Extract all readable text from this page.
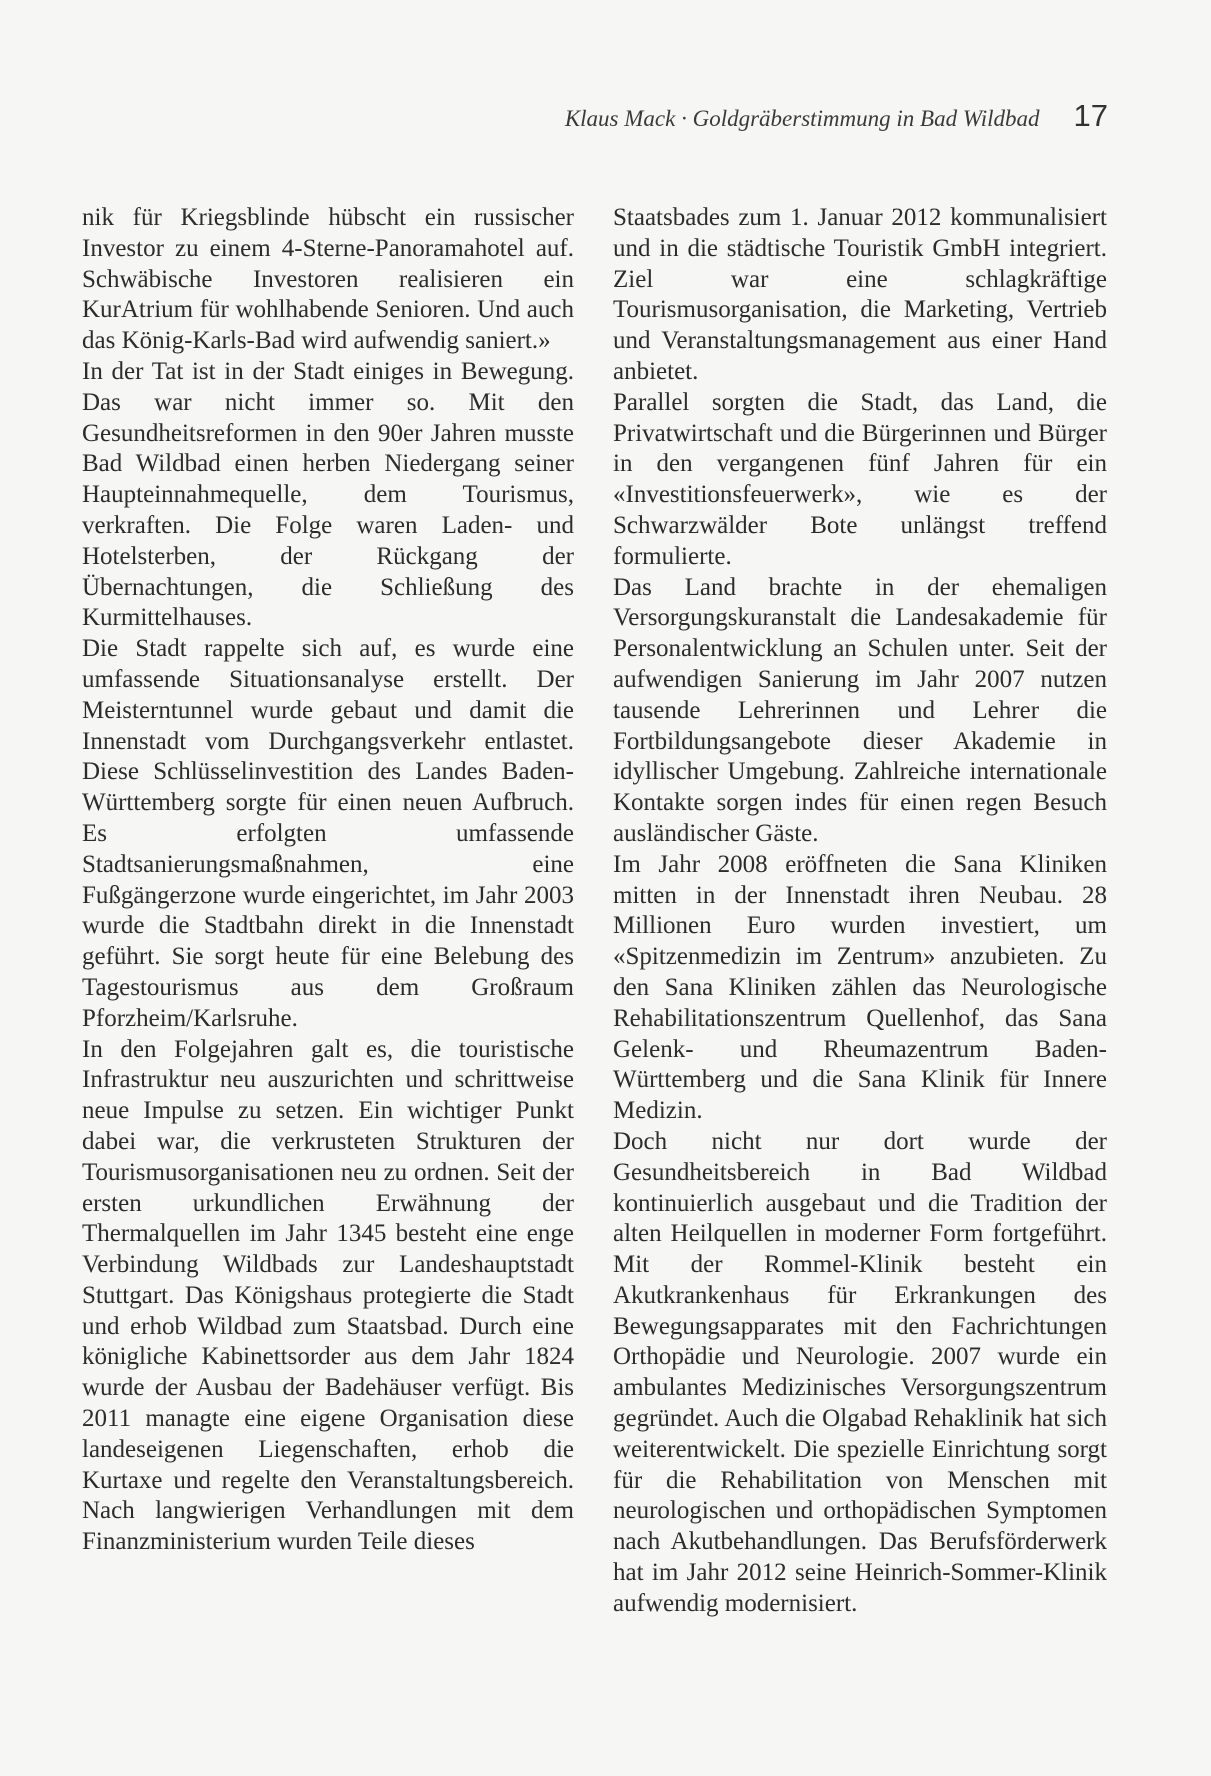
Klaus Mack · Goldgräberstimmung in Bad Wildbad 17

nik für Kriegsblinde hübscht ein russischer Investor zu einem 4-Sterne-Panoramahotel auf. Schwäbische Investoren realisieren ein KurAtrium für wohlhabende Senioren. Und auch das König-Karls-Bad wird aufwendig saniert.»

In der Tat ist in der Stadt einiges in Bewegung. Das war nicht immer so. Mit den Gesundheitsreformen in den 90er Jahren musste Bad Wildbad einen herben Niedergang seiner Haupteinnahmequelle, dem Tourismus, verkraften. Die Folge waren Laden- und Hotelsterben, der Rückgang der Übernachtungen, die Schließung des Kurmittelhauses.

Die Stadt rappelte sich auf, es wurde eine umfassende Situationsanalyse erstellt. Der Meisterntunnel wurde gebaut und damit die Innenstadt vom Durchgangsverkehr entlastet. Diese Schlüsselinvestition des Landes Baden-Württemberg sorgte für einen neuen Aufbruch. Es erfolgten umfassende Stadtsanierungsmaßnahmen, eine Fußgängerzone wurde eingerichtet, im Jahr 2003 wurde die Stadtbahn direkt in die Innenstadt geführt. Sie sorgt heute für eine Belebung des Tagestourismus aus dem Großraum Pforzheim/Karlsruhe.

In den Folgejahren galt es, die touristische Infrastruktur neu auszurichten und schrittweise neue Impulse zu setzen. Ein wichtiger Punkt dabei war, die verkrusteten Strukturen der Tourismusorganisationen neu zu ordnen. Seit der ersten urkundlichen Erwähnung der Thermalquellen im Jahr 1345 besteht eine enge Verbindung Wildbads zur Landeshauptstadt Stuttgart. Das Königshaus protegierte die Stadt und erhob Wildbad zum Staatsbad. Durch eine königliche Kabinettsorder aus dem Jahr 1824 wurde der Ausbau der Badehäuser verfügt. Bis 2011 managte eine eigene Organisation diese landeseigenen Liegenschaften, erhob die Kurtaxe und regelte den Veranstaltungsbereich. Nach langwierigen Verhandlungen mit dem Finanzministerium wurden Teile dieses

Staatsbades zum 1. Januar 2012 kommunalisiert und in die städtische Touristik GmbH integriert. Ziel war eine schlagkräftige Tourismusorganisation, die Marketing, Vertrieb und Veranstaltungsmanagement aus einer Hand anbietet.

Parallel sorgten die Stadt, das Land, die Privatwirtschaft und die Bürgerinnen und Bürger in den vergangenen fünf Jahren für ein «Investitionsfeuerwerk», wie es der Schwarzwälder Bote unlängst treffend formulierte.

Das Land brachte in der ehemaligen Versorgungskuranstalt die Landesakademie für Personalentwicklung an Schulen unter. Seit der aufwendigen Sanierung im Jahr 2007 nutzen tausende Lehrerinnen und Lehrer die Fortbildungsangebote dieser Akademie in idyllischer Umgebung. Zahlreiche internationale Kontakte sorgen indes für einen regen Besuch ausländischer Gäste.

Im Jahr 2008 eröffneten die Sana Kliniken mitten in der Innenstadt ihren Neubau. 28 Millionen Euro wurden investiert, um «Spitzenmedizin im Zentrum» anzubieten. Zu den Sana Kliniken zählen das Neurologische Rehabilitationszentrum Quellenhof, das Sana Gelenk- und Rheumazentrum Baden-Württemberg und die Sana Klinik für Innere Medizin.

Doch nicht nur dort wurde der Gesundheitsbereich in Bad Wildbad kontinuierlich ausgebaut und die Tradition der alten Heilquellen in moderner Form fortgeführt. Mit der Rommel-Klinik besteht ein Akutkrankenhaus für Erkrankungen des Bewegungsapparates mit den Fachrichtungen Orthopädie und Neurologie. 2007 wurde ein ambulantes Medizinisches Versorgungszentrum gegründet. Auch die Olgabad Rehaklinik hat sich weiterentwickelt. Die spezielle Einrichtung sorgt für die Rehabilitation von Menschen mit neurologischen und orthopädischen Symptomen nach Akutbehandlungen. Das Berufsförderwerk hat im Jahr 2012 seine Heinrich-Sommer-Klinik aufwendig modernisiert.
